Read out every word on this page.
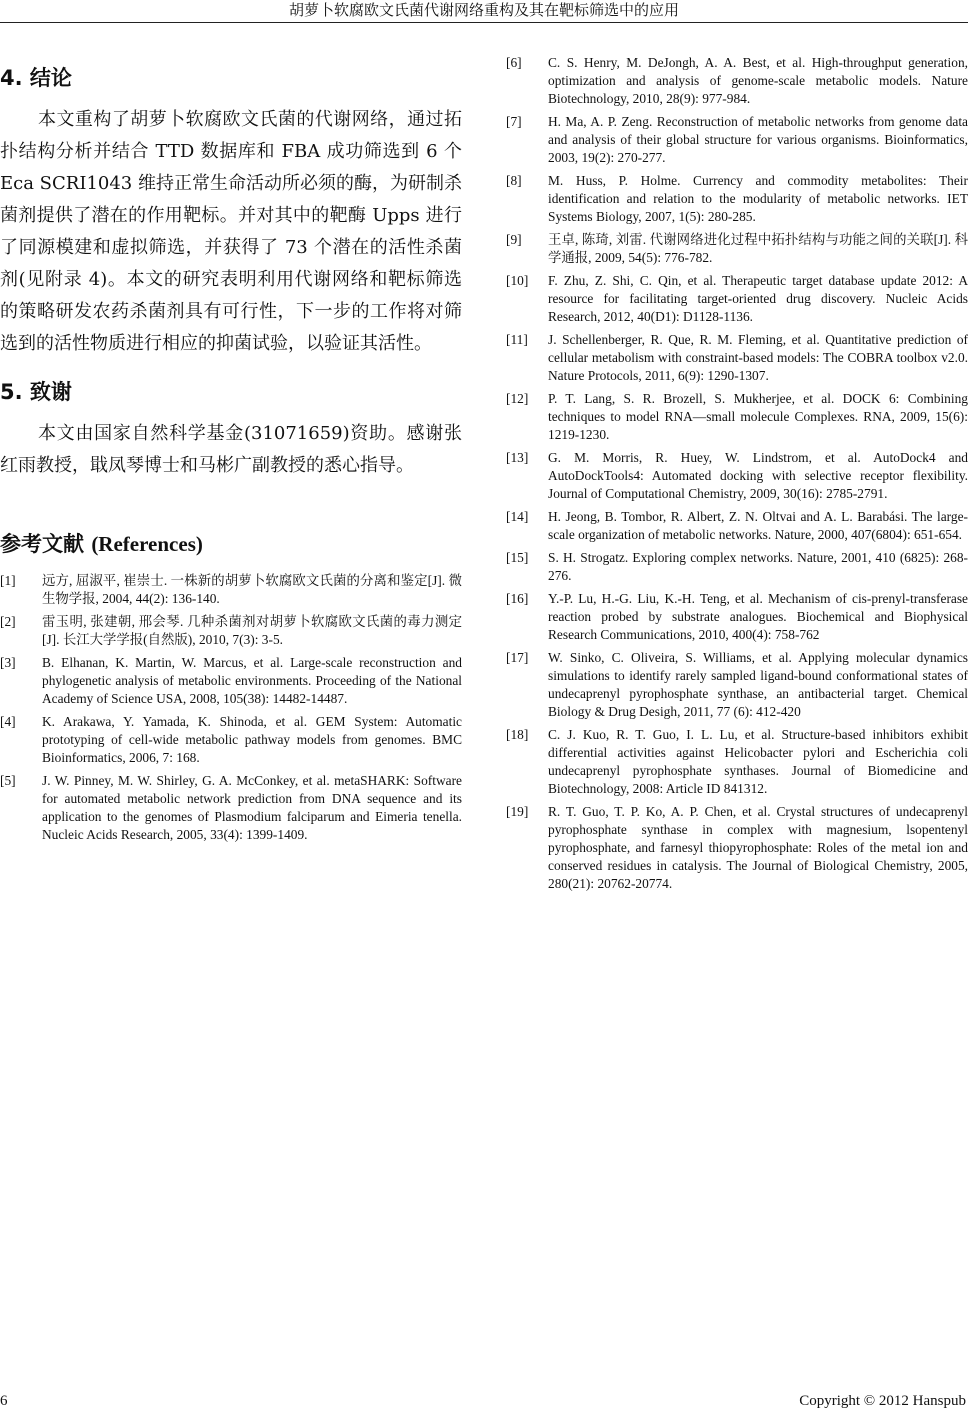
胡萝卜软腐欧文氏菌代谢网络重构及其在靶标筛选中的应用
4. 结论

本文重构了胡萝卜软腐欧文氏菌的代谢网络，通过拓扑结构分析并结合 TTD 数据库和 FBA 成功筛选到 6 个 Eca SCRI1043 维持正常生命活动所必须的酶，为研制杀菌剂提供了潜在的作用靶标。并对其中的靶酶 Upps 进行了同源模建和虚拟筛选，并获得了 73 个潜在的活性杀菌剂(见附录 4)。本文的研究表明利用代谢网络和靶标筛选的策略研发农药杀菌剂具有可行性，下一步的工作将对筛选到的活性物质进行相应的抑菌试验，以验证其活性。

5. 致谢

本文由国家自然科学基金(31071659)资助。感谢张红雨教授，戢凤琴博士和马彬广副教授的悉心指导。

参考文献 (References)
[1]	远方, 屈淑平, 崔崇士. 一株新的胡萝卜软腐欧文氏菌的分离和鉴定[J]. 微生物学报, 2004, 44(2): 136-140.
[2]	雷玉明, 张建朝, 邢会琴. 几种杀菌剂对胡萝卜软腐欧文氏菌的毒力测定[J]. 长江大学学报(自然版), 2010, 7(3): 3-5.
[3]	B. Elhanan, K. Martin, W. Marcus, et al. Large-scale reconstruction and phylogenetic analysis of metabolic environments. Proceeding of the National Academy of Science USA, 2008, 105(38): 14482-14487.
[4]	K. Arakawa, Y. Yamada, K. Shinoda, et al. GEM System: Automatic prototyping of cell-wide metabolic pathway models from genomes. BMC Bioinformatics, 2006, 7: 168.
[5]	J. W. Pinney, M. W. Shirley, G. A. McConkey, et al. metaSHARK: Software for automated metabolic network prediction from DNA sequence and its application to the genomes of Plasmodium falciparum and Eimeria tenella. Nucleic Acids Research, 2005, 33(4): 1399-1409.
[6]	C. S. Henry, M. DeJongh, A. A. Best, et al. High-throughput generation, optimization and analysis of genome-scale metabolic models. Nature Biotechnology, 2010, 28(9): 977-984.
[7]	H. Ma, A. P. Zeng. Reconstruction of metabolic networks from genome data and analysis of their global structure for various organisms. Bioinformatics, 2003, 19(2): 270-277.
[8]	M. Huss, P. Holme. Currency and commodity metabolites: Their identification and relation to the modularity of metabolic networks. IET Systems Biology, 2007, 1(5): 280-285.
[9]	王卓, 陈琦, 刘雷. 代谢网络进化过程中拓扑结构与功能之间的关联[J]. 科学通报, 2009, 54(5): 776-782.
[10]	F. Zhu, Z. Shi, C. Qin, et al. Therapeutic target database update 2012: A resource for facilitating target-oriented drug discovery. Nucleic Acids Research, 2012, 40(D1): D1128-1136.
[11]	J. Schellenberger, R. Que, R. M. Fleming, et al. Quantitative prediction of cellular metabolism with constraint-based models: The COBRA toolbox v2.0. Nature Protocols, 2011, 6(9): 1290-1307.
[12]	P. T. Lang, S. R. Brozell, S. Mukherjee, et al. DOCK 6: Combining techniques to model RNA—small molecule Complexes. RNA, 2009, 15(6): 1219-1230.
[13]	G. M. Morris, R. Huey, W. Lindstrom, et al. AutoDock4 and AutoDockTools4: Automated docking with selective receptor flexibility. Journal of Computational Chemistry, 2009, 30(16): 2785-2791.
[14]	H. Jeong, B. Tombor, R. Albert, Z. N. Oltvai and A. L. Barabási. The large-scale organization of metabolic networks. Nature, 2000, 407(6804): 651-654.
[15]	S. H. Strogatz. Exploring complex networks. Nature, 2001, 410 (6825): 268-276.
[16]	Y.-P. Lu, H.-G. Liu, K.-H. Teng, et al. Mechanism of cis-prenyl-transferase reaction probed by substrate analogues. Biochemical and Biophysical Research Communications, 2010, 400(4): 758-762
[17]	W. Sinko, C. Oliveira, S. Williams, et al. Applying molecular dynamics simulations to identify rarely sampled ligand-bound conformational states of undecaprenyl pyrophosphate synthase, an antibacterial target. Chemical Biology & Drug Desigh, 2011, 77 (6): 412-420
[18]	C. J. Kuo, R. T. Guo, I. L. Lu, et al. Structure-based inhibitors exhibit differential activities against Helicobacter pylori and Escherichia coli undecaprenyl pyrophosphate synthases. Journal of Biomedicine and Biotechnology, 2008: Article ID 841312.
[19]	R. T. Guo, T. P. Ko, A. P. Chen, et al. Crystal structures of undecaprenyl pyrophosphate synthase in complex with magnesium, lsopentenyl pyrophosphate, and farnesyl thiopyrophosphate: Roles of the metal ion and conserved residues in catalysis. The Journal of Biological Chemistry, 2005, 280(21): 20762-20774.
6	Copyright © 2012 Hanspub
